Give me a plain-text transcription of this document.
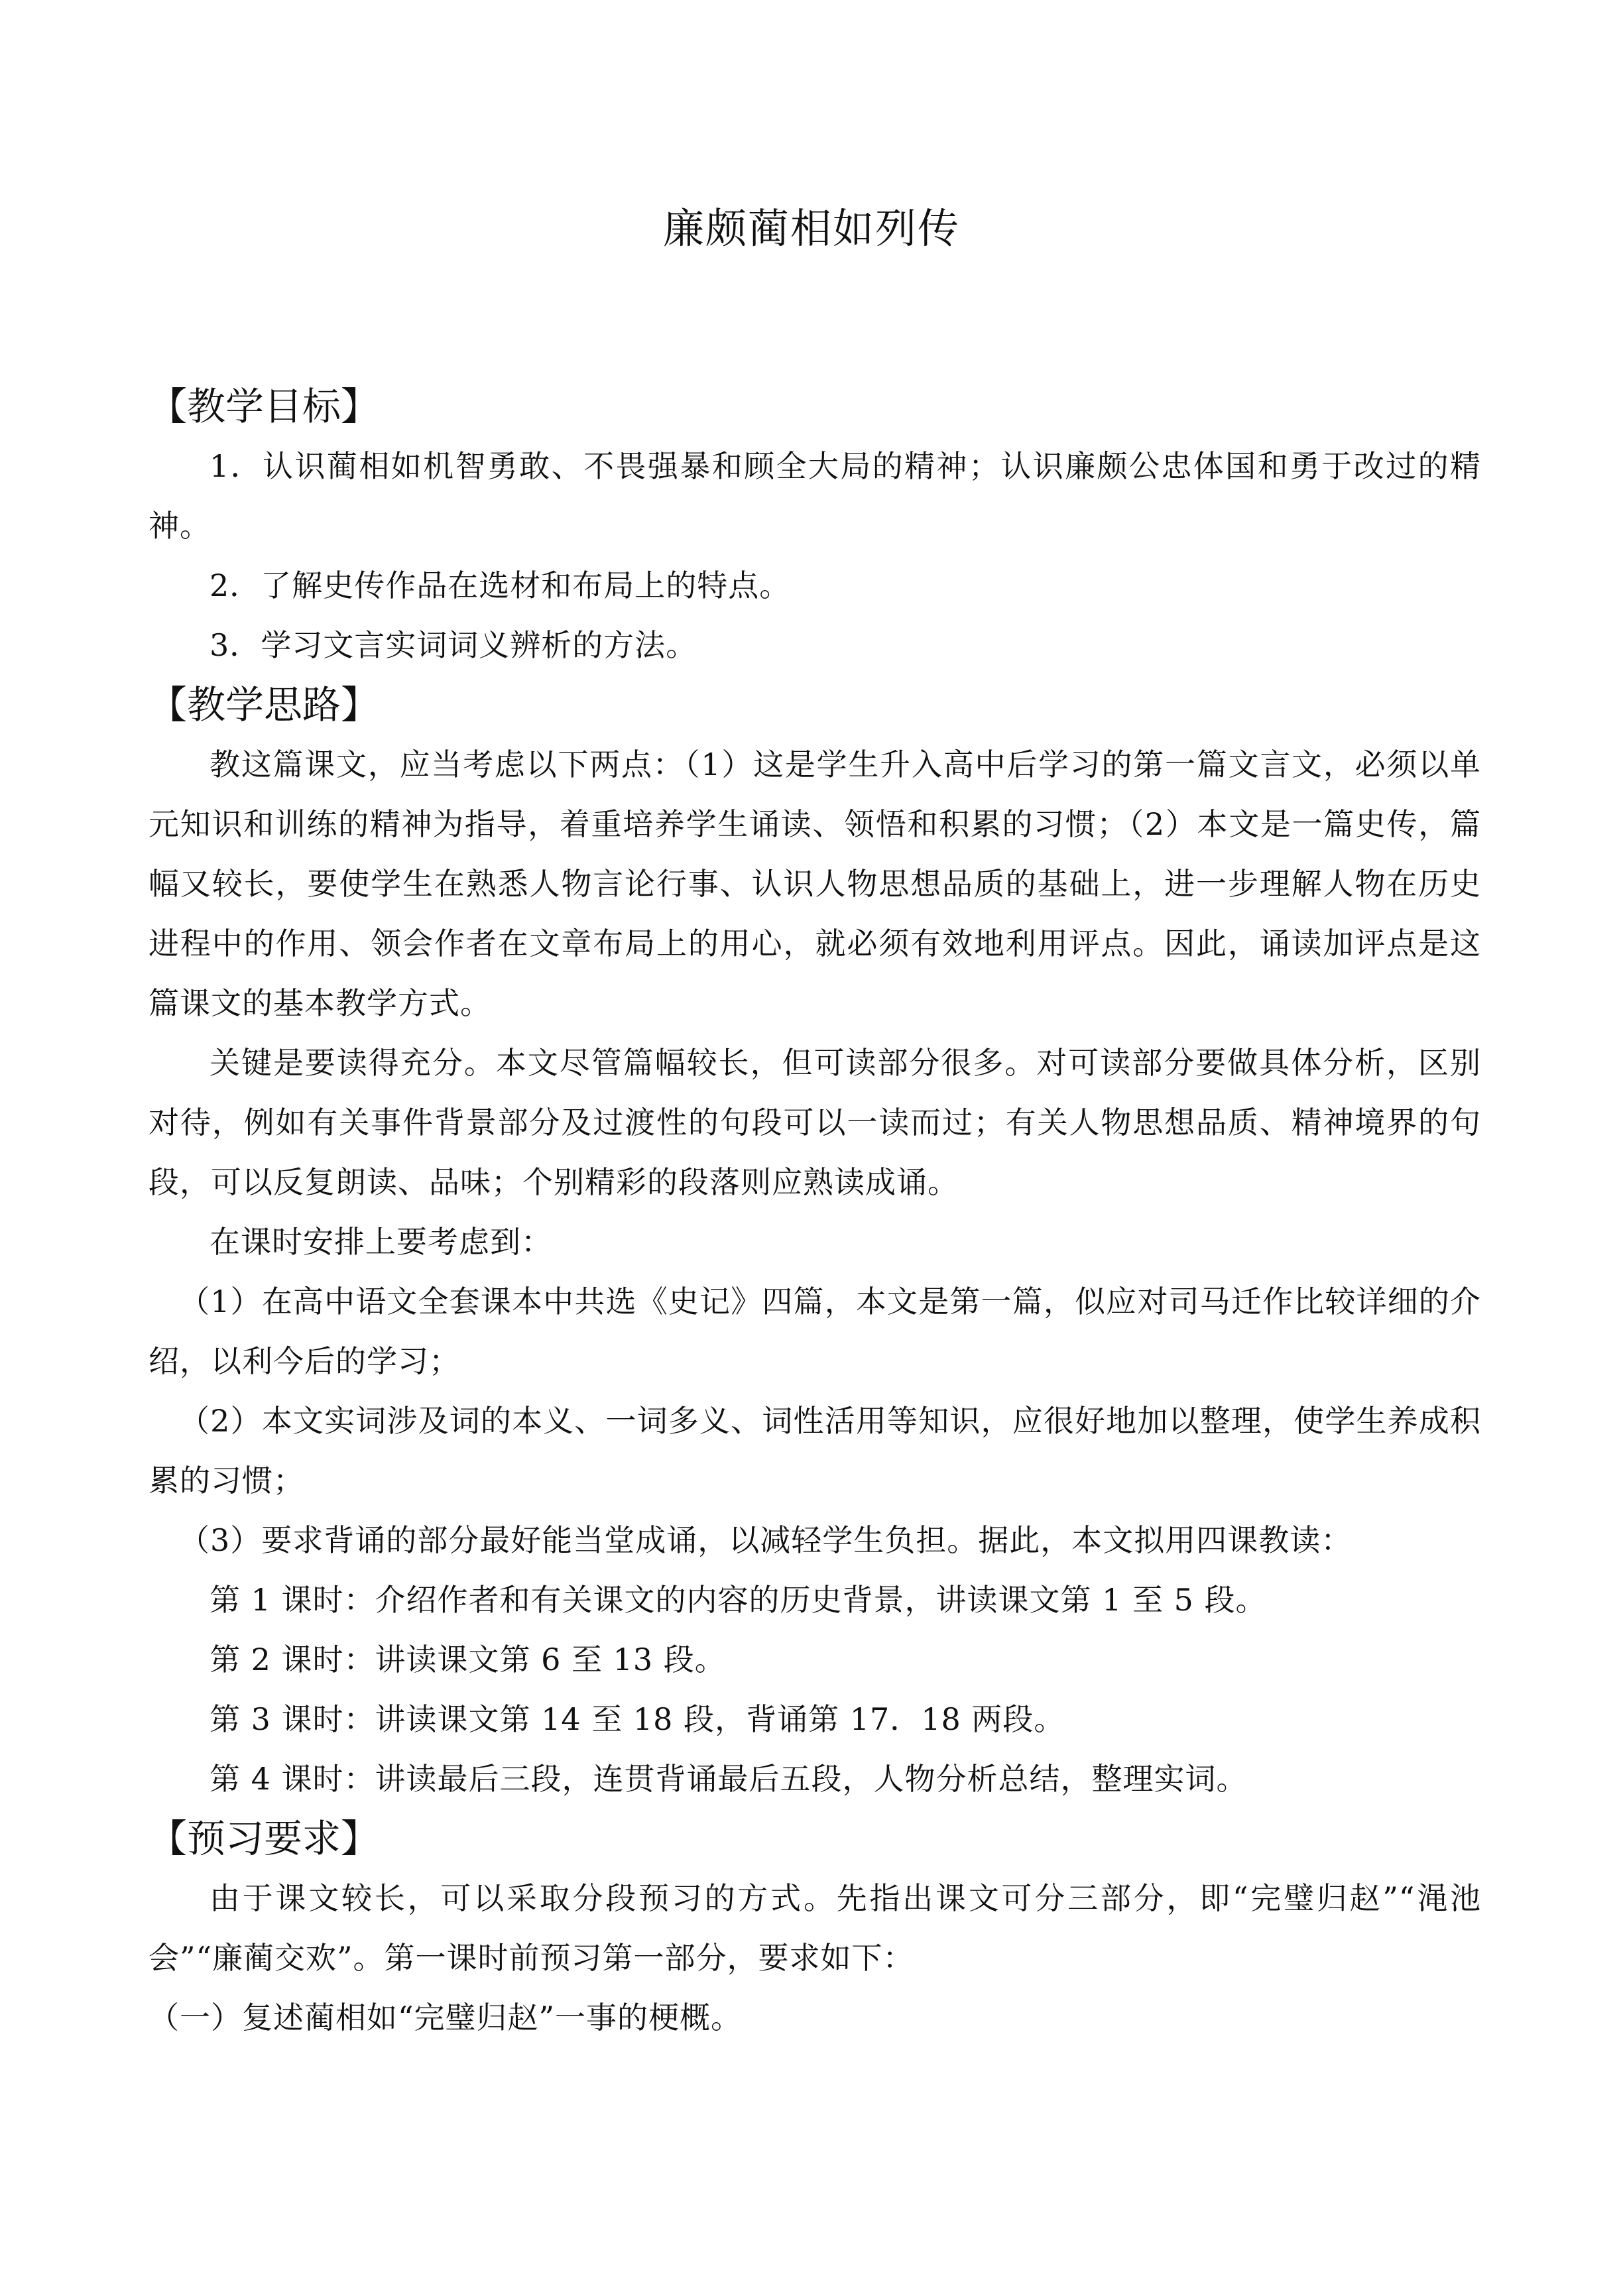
廉颇蔺相如列传
【教学目标】

1．认识蔺相如机智勇敢、不畏强暴和顾全大局的精神；认识廉颇公忠体国和勇于改过的精神。

2．了解史传作品在选材和布局上的特点。

3．学习文言实词词义辨析的方法。

【教学思路】

教这篇课文，应当考虑以下两点：（1）这是学生升入高中后学习的第一篇文言文，必须以单元知识和训练的精神为指导，着重培养学生诵读、领悟和积累的习惯；（2）本文是一篇史传，篇幅又较长，要使学生在熟悉人物言论行事、认识人物思想品质的基础上，进一步理解人物在历史进程中的作用、领会作者在文章布局上的用心，就必须有效地利用评点。因此，诵读加评点是这篇课文的基本教学方式。

关键是要读得充分。本文尽管篇幅较长，但可读部分很多。对可读部分要做具体分析，区别对待，例如有关事件背景部分及过渡性的句段可以一读而过；有关人物思想品质、精神境界的句段，可以反复朗读、品味；个别精彩的段落则应熟读成诵。

在课时安排上要考虑到：

（1）在高中语文全套课本中共选《史记》四篇，本文是第一篇，似应对司马迁作比较详细的介绍，以利今后的学习；

（2）本文实词涉及词的本义、一词多义、词性活用等知识，应很好地加以整理，使学生养成积累的习惯；

（3）要求背诵的部分最好能当堂成诵，以减轻学生负担。据此，本文拟用四课教读：

第 1 课时：介绍作者和有关课文的内容的历史背景，讲读课文第 1 至 5 段。

第 2 课时：讲读课文第 6 至 13 段。

第 3 课时：讲读课文第 14 至 18 段，背诵第 17．18 两段。

第 4 课时：讲读最后三段，连贯背诵最后五段，人物分析总结，整理实词。

【预习要求】

由于课文较长，可以采取分段预习的方式。先指出课文可分三部分，即“完璧归赵”“渑池会”“廉蔺交欢”。第一课时前预习第一部分，要求如下：

（一）复述蔺相如“完璧归赵”一事的梗概。
